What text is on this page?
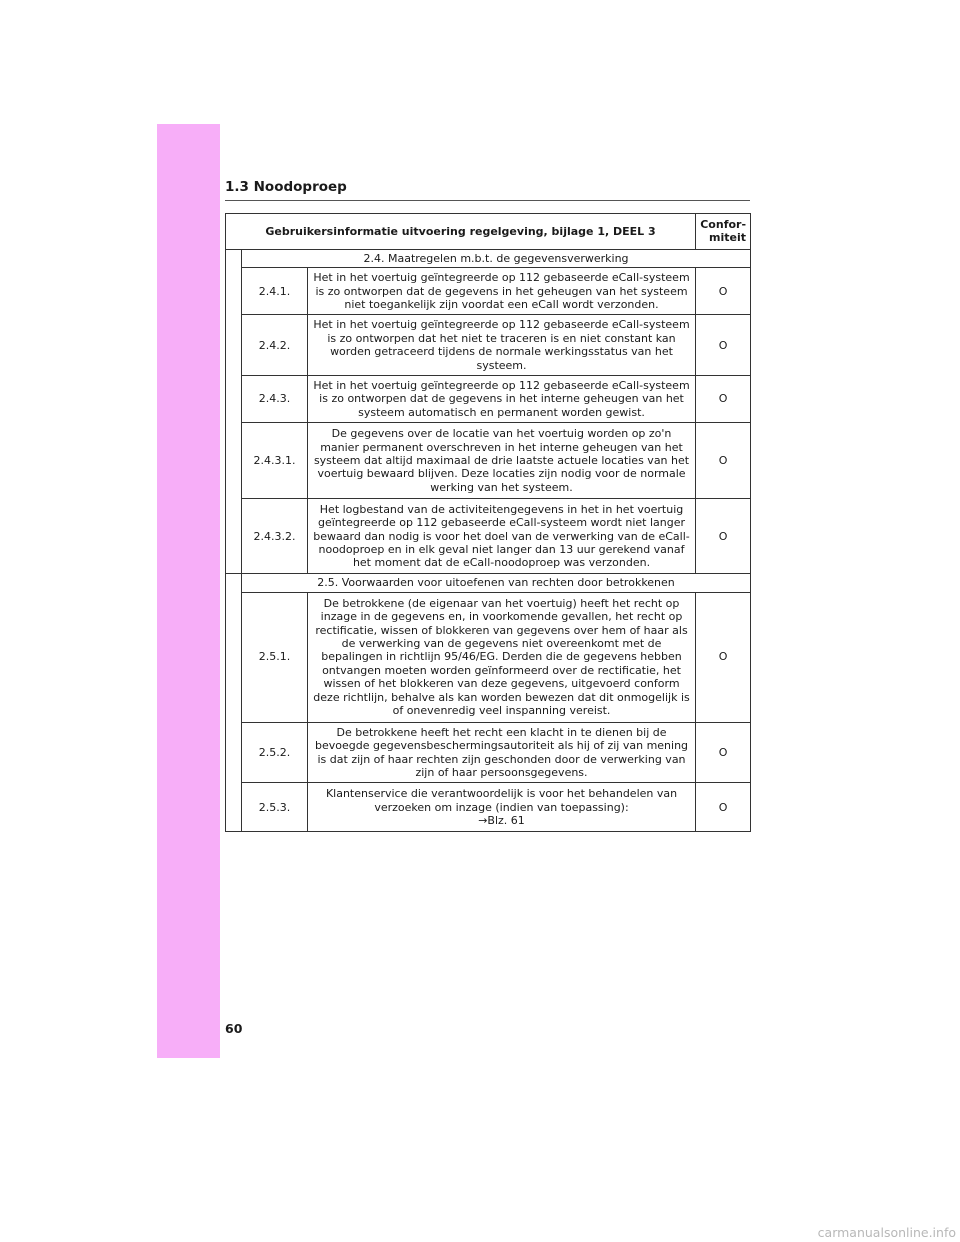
1.3 Noodoproep
Gebruikersinformatie uitvoering regelgeving, bijlage 1, DEEL 3			Confor-
miteit

	2.4. Maatregelen m.b.t. de gegevensverwerking		
	2.4.1.	Het in het voertuig geïntegreerde op 112 gebaseerde eCall-systeem is zo ontworpen dat de gegevens in het geheugen van het systeem niet toegankelijk zijn voordat een eCall wordt verzonden.	O
	2.4.2.	Het in het voertuig geïntegreerde op 112 gebaseerde eCall-systeem is zo ontworpen dat het niet te traceren is en niet constant kan worden getraceerd tijdens de normale werkingsstatus van het systeem.	O
	2.4.3.	Het in het voertuig geïntegreerde op 112 gebaseerde eCall-systeem is zo ontworpen dat de gegevens in het interne geheugen van het systeem automatisch en permanent worden gewist.	O
	2.4.3.1.	De gegevens over de locatie van het voertuig worden op zo'n manier permanent overschreven in het interne geheugen van het systeem dat altijd maximaal de drie laatste actuele locaties van het voertuig bewaard blijven. Deze locaties zijn nodig voor de normale werking van het systeem.	O
	2.4.3.2.	Het logbestand van de activiteitengegevens in het in het voertuig geïntegreerde op 112 gebaseerde eCall-systeem wordt niet langer bewaard dan nodig is voor het doel van de verwerking van de eCall-noodoproep en in elk geval niet langer dan 13 uur gerekend vanaf het moment dat de eCall-noodoproep was verzonden.	O
	2.5. Voorwaarden voor uitoefenen van rechten door betrokkenen		
	2.5.1.	De betrokkene (de eigenaar van het voertuig) heeft het recht op inzage in de gegevens en, in voorkomende gevallen, het recht op rectificatie, wissen of blokkeren van gegevens over hem of haar als de verwerking van de gegevens niet overeenkomt met de bepalingen in richtlijn 95/46/EG. Derden die de gegevens hebben ontvangen moeten worden geïnformeerd over de rectificatie, het wissen of het blokkeren van deze gegevens, uitgevoerd conform deze richtlijn, behalve als kan worden bewezen dat dit onmogelijk is of onevenredig veel inspanning vereist.	O
	2.5.2.	De betrokkene heeft het recht een klacht in te dienen bij de bevoegde gegevensbeschermingsautoriteit als hij of zij van mening is dat zijn of haar rechten zijn geschonden door de verwerking van zijn of haar persoonsgegevens.	O
	2.5.3.	Klantenservice die verantwoordelijk is voor het behandelen van verzoeken om inzage (indien van toepassing):
→Blz. 61	O
60
carmanualsonline.info
